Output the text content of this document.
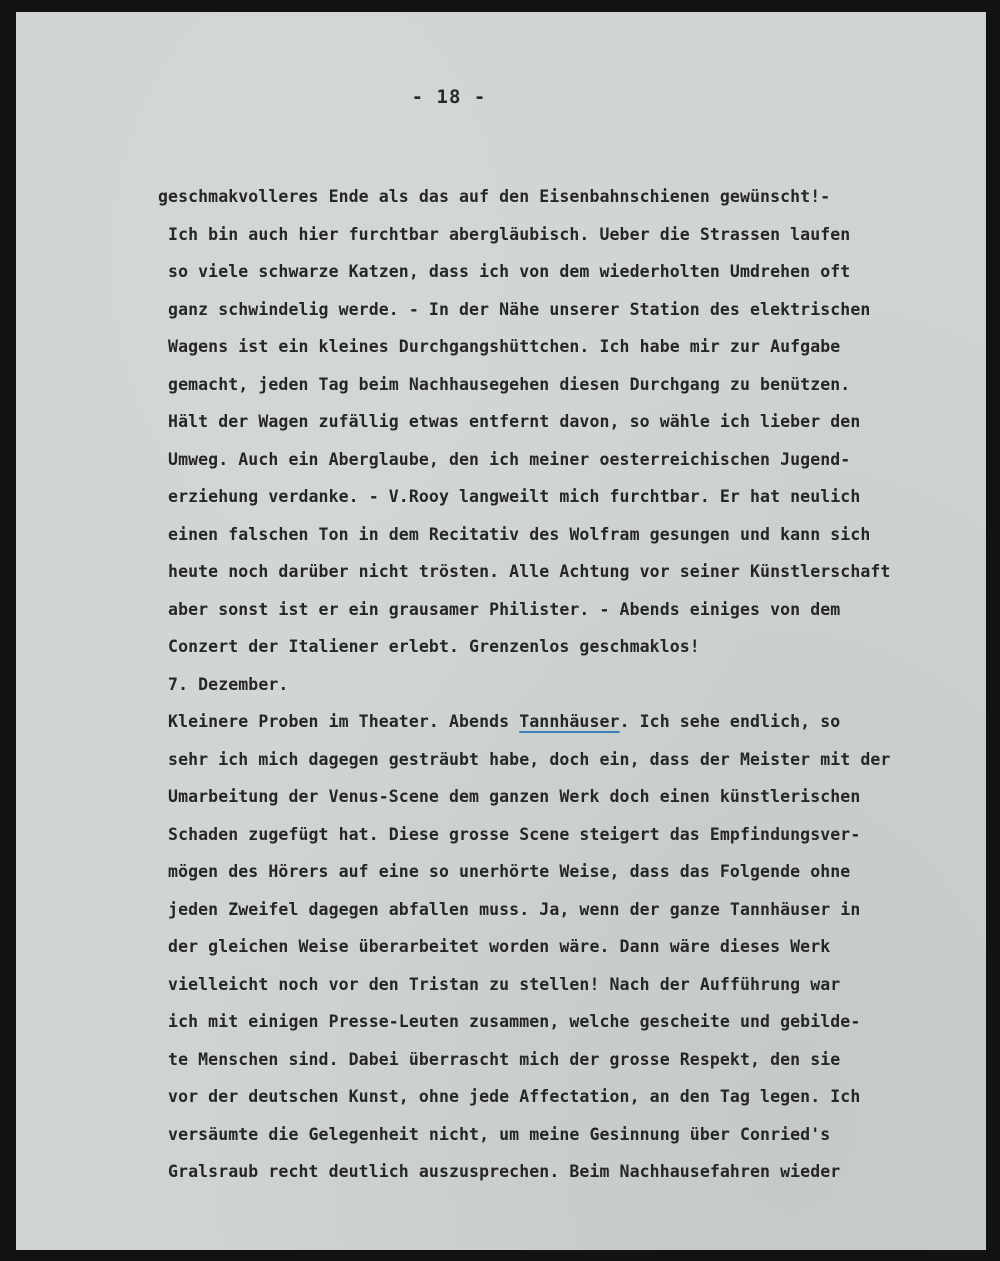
- 18 -
geschmakvolleres Ende als das auf den Eisenbahnschienen gewünscht!-
Ich bin auch hier furchtbar abergläubisch. Ueber die Strassen laufen
so viele schwarze Katzen, dass ich von dem wiederholten Umdrehen oft
ganz schwindelig werde. - In der Nähe unserer Station des elektrischen
Wagens ist ein kleines Durchgangshüttchen. Ich habe mir zur Aufgabe
gemacht, jeden Tag beim Nachhausegehen diesen Durchgang zu benützen.
Hält der Wagen zufällig etwas entfernt davon, so wähle ich lieber den
Umweg. Auch ein Aberglaube, den ich meiner oesterreichischen Jugend-
erziehung verdanke. - V.Rooy langweilt mich furchtbar. Er hat neulich
einen falschen Ton in dem Recitativ des Wolfram gesungen und kann sich
heute noch darüber nicht trösten. Alle Achtung vor seiner Künstlerschaft
aber sonst ist er ein grausamer Philister. - Abends einiges von dem
Conzert der Italiener erlebt. Grenzenlos geschmaklos!
7. Dezember.
Kleinere Proben im Theater. Abends Tannhäuser. Ich sehe endlich, so
sehr ich mich dagegen gesträubt habe, doch ein, dass der Meister mit der
Umarbeitung der Venus-Scene dem ganzen Werk doch einen künstlerischen
Schaden zugefügt hat. Diese grosse Scene steigert das Empfindungsver-
mögen des Hörers auf eine so unerhörte Weise, dass das Folgende ohne
jeden Zweifel dagegen abfallen muss. Ja, wenn der ganze Tannhäuser in
der gleichen Weise überarbeitet worden wäre. Dann wäre dieses Werk
vielleicht noch vor den Tristan zu stellen! Nach der Aufführung war
ich mit einigen Presse-Leuten zusammen, welche gescheite und gebilde-
te Menschen sind. Dabei überrascht mich der grosse Respekt, den sie
vor der deutschen Kunst, ohne jede Affectation, an den Tag legen. Ich
versäumte die Gelegenheit nicht, um meine Gesinnung über Conried's
Gralsraub recht deutlich auszusprechen. Beim Nachhausefahren wieder
